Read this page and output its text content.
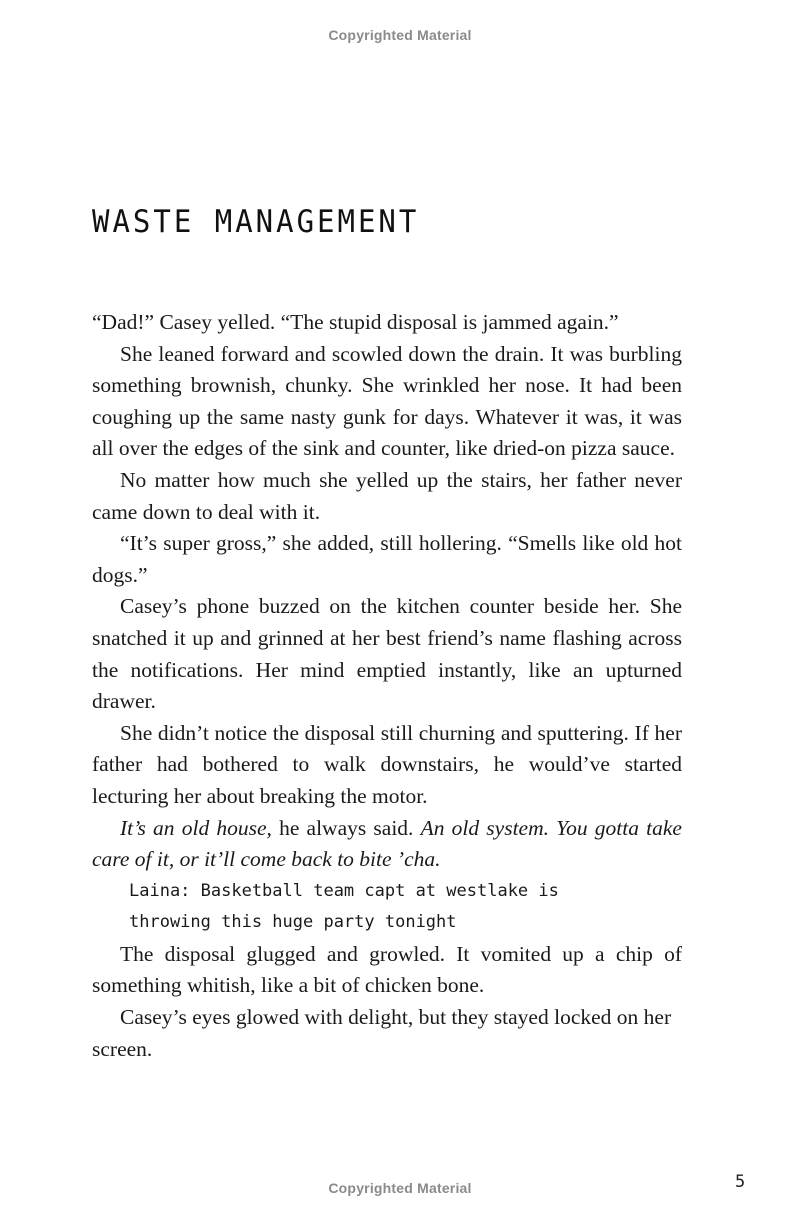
Copyrighted Material
WASTE MANAGEMENT

“Dad!” Casey yelled. “The stupid disposal is jammed again.”

She leaned forward and scowled down the drain. It was burbling something brownish, chunky. She wrinkled her nose. It had been coughing up the same nasty gunk for days. Whatever it was, it was all over the edges of the sink and counter, like dried-on pizza sauce.

No matter how much she yelled up the stairs, her father never came down to deal with it.

“It’s super gross,” she added, still hollering. “Smells like old hot dogs.”

Casey’s phone buzzed on the kitchen counter beside her. She snatched it up and grinned at her best friend’s name flashing across the notifications. Her mind emptied instantly, like an upturned drawer.

She didn’t notice the disposal still churning and sputtering. If her father had bothered to walk downstairs, he would’ve started lecturing her about breaking the motor.

It’s an old house, he always said. An old system. You gotta take care of it, or it’ll come back to bite ’cha.

Laina: Basketball team capt at westlake is throwing this huge party tonight

The disposal glugged and growled. It vomited up a chip of something whitish, like a bit of chicken bone.

Casey’s eyes glowed with delight, but they stayed locked on her screen.

5
Copyrighted Material
